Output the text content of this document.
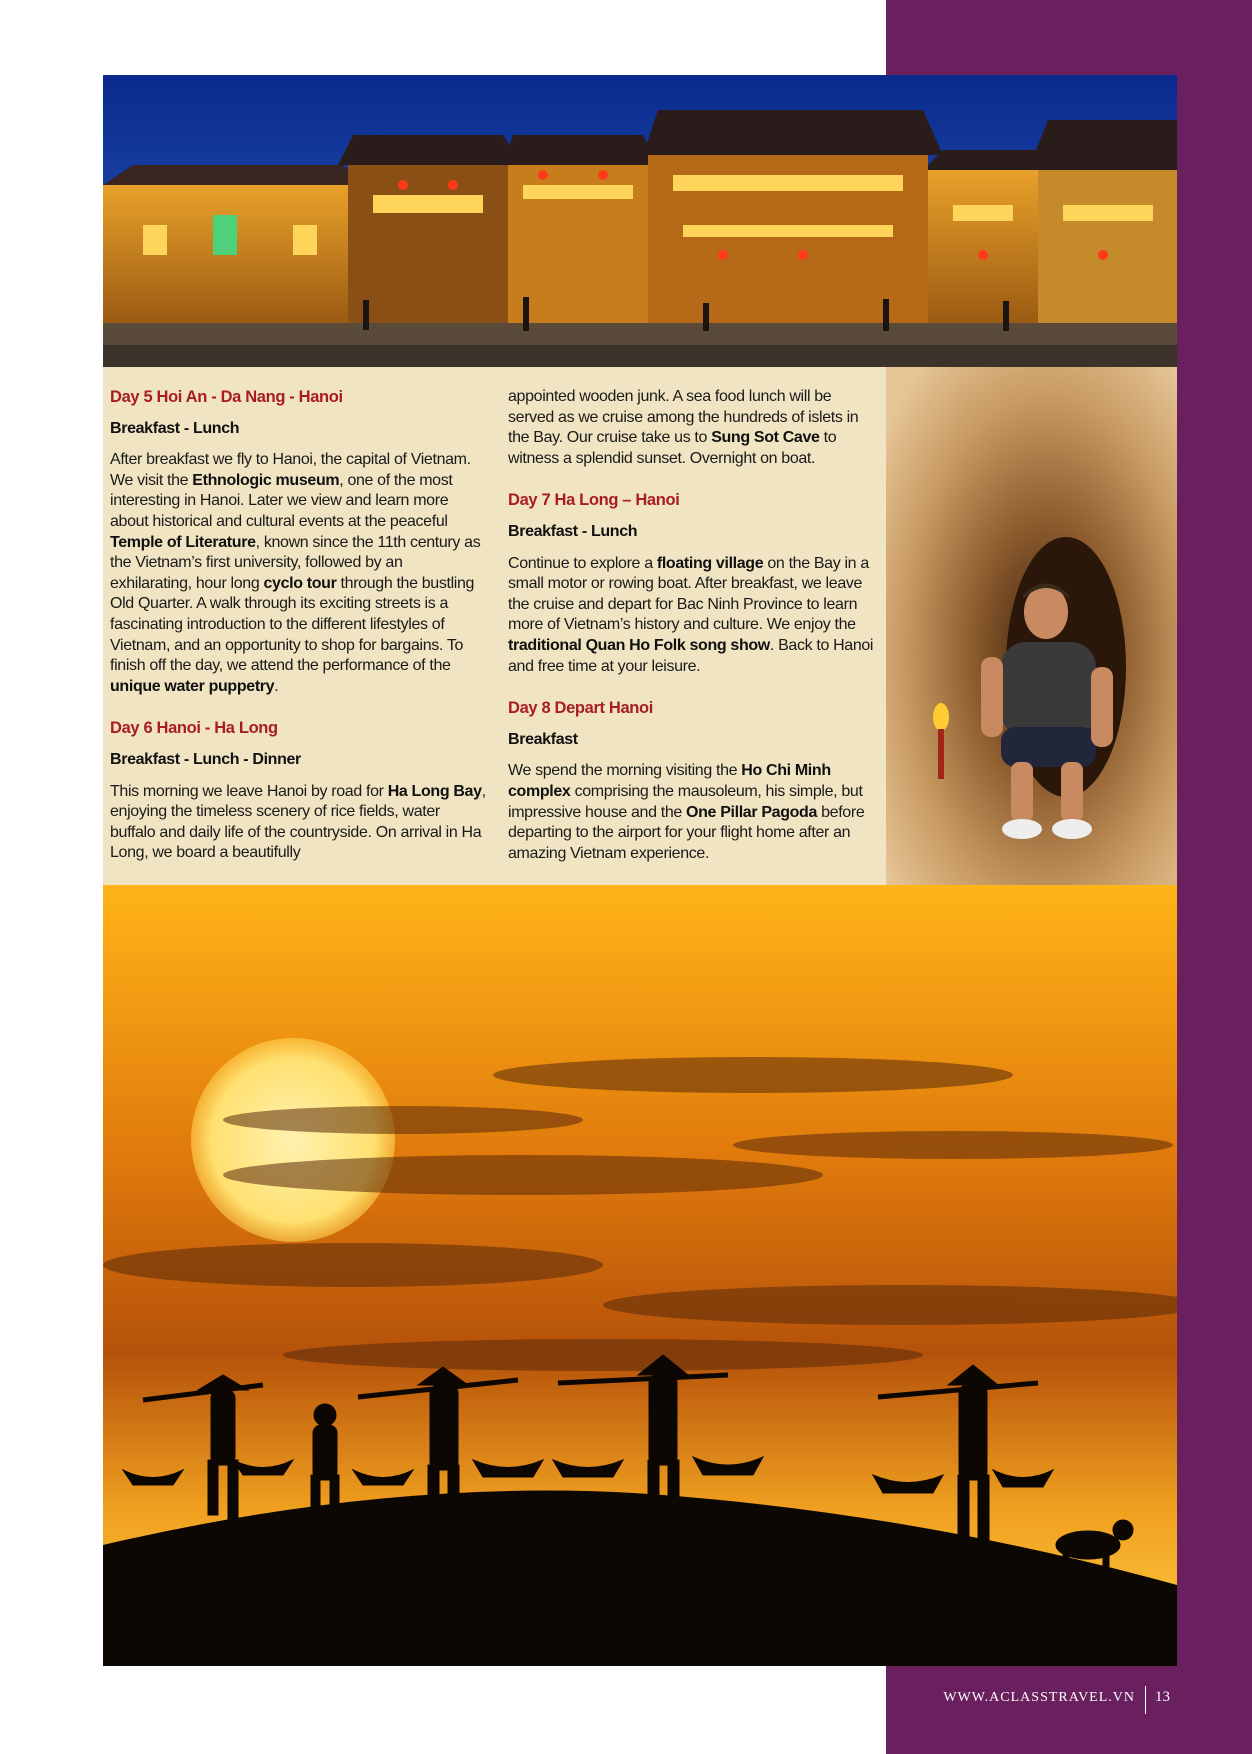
Day 5 Hoi An - Da Nang - Hanoi

Breakfast - Lunch

After breakfast we fly to Hanoi, the capital of Vietnam. We visit the Ethnologic museum, one of the most interesting in Hanoi. Later we view and learn more about historical and cultural events at the peaceful Temple of Literature, known since the 11th century as the Vietnam’s first university, followed by an exhilarating, hour long cyclo tour through the bustling Old Quarter. A walk through its exciting streets is a fascinating introduction to the different lifestyles of Vietnam, and an opportunity to shop for bargains. To finish off the day, we attend the performance of the unique water puppetry.

Day 6 Hanoi - Ha Long

Breakfast - Lunch - Dinner

This morning we leave Hanoi by road for Ha Long Bay, enjoying the timeless scenery of rice fields, water buffalo and daily life of the countryside. On arrival in Ha Long, we board a beautifully

appointed wooden junk. A sea food lunch will be served as we cruise among the hundreds of islets in the Bay. Our cruise take us to Sung Sot Cave to witness a splendid sunset. Overnight on boat.

Day 7 Ha Long – Hanoi

Breakfast - Lunch

Continue to explore a floating village on the Bay in a small motor or rowing boat. After breakfast, we leave the cruise and depart for Bac Ninh Province to learn more of Vietnam’s history and culture. We enjoy the traditional Quan Ho Folk song show. Back to Hanoi and free time at your leisure.

Day 8 Depart Hanoi

Breakfast

We spend the morning visiting the Ho Chi Minh complex comprising the mausoleum, his simple, but impressive house and the One Pillar Pagoda before departing to the airport for your flight home after an amazing Vietnam experience.

WWW.ACLASSTRAVEL.VN 13
